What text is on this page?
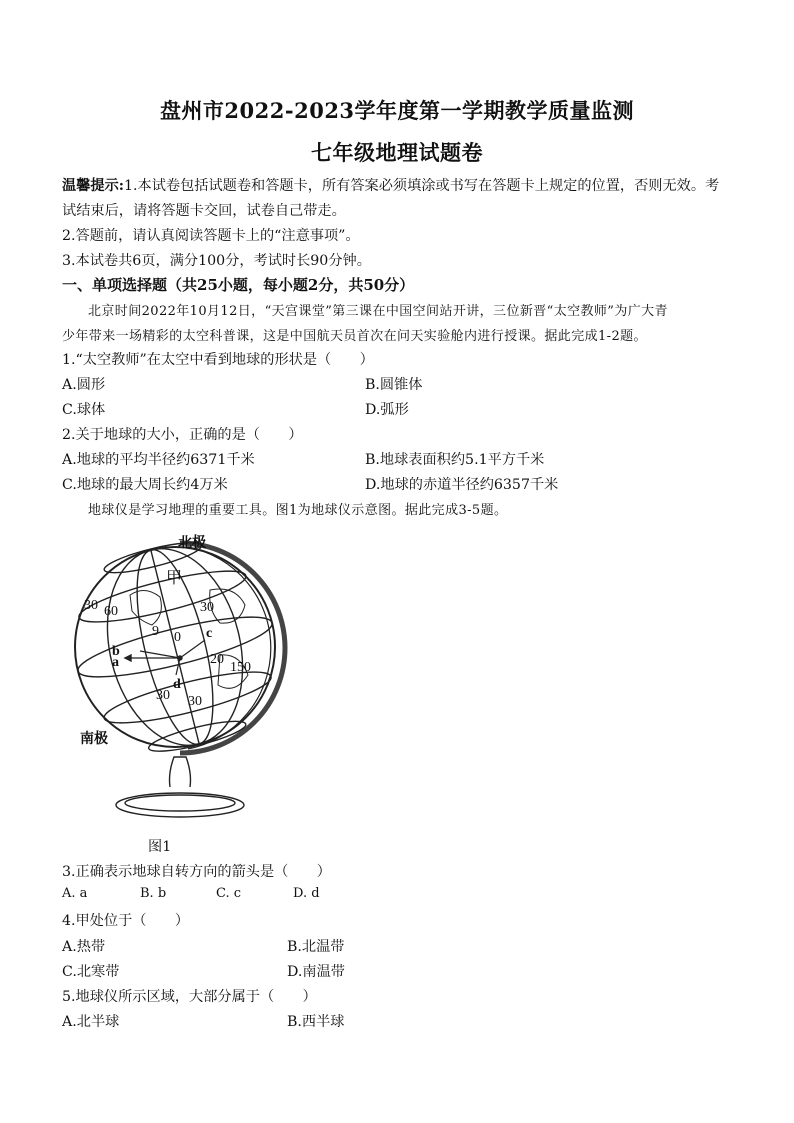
盘州市2022-2023学年度第一学期教学质量监测
七年级地理试题卷
温馨提示:1.本试卷包括试题卷和答题卡，所有答案必须填涂或书写在答题卡上规定的位置，否则无效。考
试结束后，请将答题卡交回，试卷自己带走。
2.答题前，请认真阅读答题卡上的“注意事项”。
3.本试卷共6页，满分100分，考试时长90分钟。
一、单项选择题（共25小题，每小题2分，共50分）
北京时间2022年10月12日，“天宫课堂”第三课在中国空间站开讲，三位新晋“太空教师”为广大青
少年带来一场精彩的太空科普课，这是中国航天员首次在问天实验舱内进行授课。据此完成1-2题。
1.“太空教师”在太空中看到地球的形状是（　　）
A.圆形	B.圆锥体
C.球体	D.弧形
2.关于地球的大小，正确的是（　　）
A.地球的平均半径约6371千米	B.地球表面积约5.1平方千米
C.地球的最大周长约4万米	D.地球的赤道半径约6357千米
地球仪是学习地理的重要工具。图1为地球仪示意图。据此完成3-5题。
北极
南极
甲
30 60	30
9 0
20
150
30 30
b
a
c
d
图1
3.正确表示地球自转方向的箭头是（　　）
A. a	B. b	C. c	D. d
4.甲处位于（　　）
A.热带	B.北温带
C.北寒带	D.南温带
5.地球仪所示区域，大部分属于（　　）
A.北半球	B.西半球
